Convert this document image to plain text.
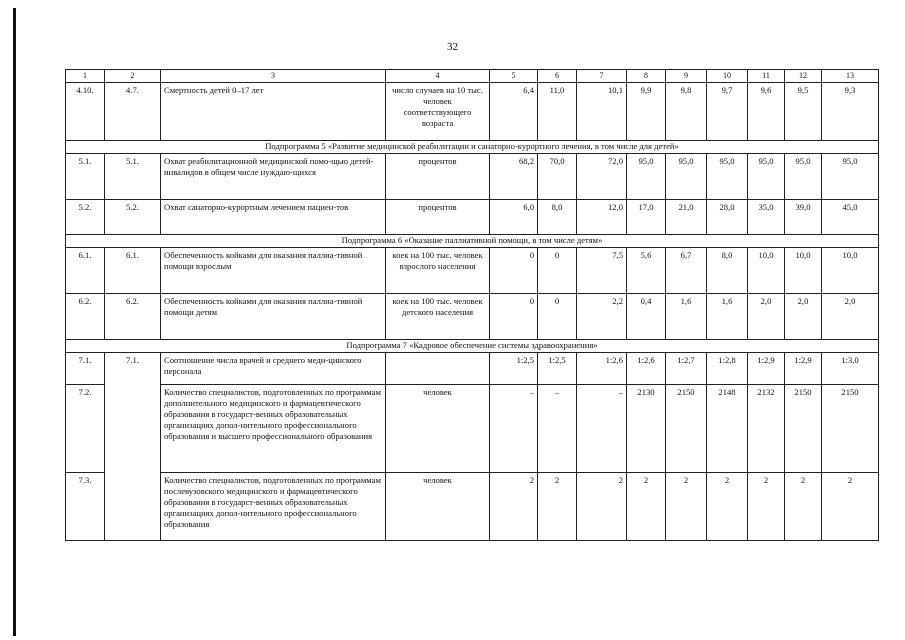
32
1	2	3	4	5	6	7	8	9	10	11	12	13
4.10.	4.7.	Смертность детей 0–17 лет	число случаев на 10 тыс. человек соответствующего возраста	6,4	11,0	10,1	9,9	9,8	9,7	9,6	9,5	9,3
Подпрограмма 5 «Развитие медицинской реабилитации и санаторно-курортного лечения, в том числе для детей»												
5.1.	5.1.	Охват реабилитационной медицинской помо-щью детей-инвалидов в общем числе нуждаю-щихся	процентов	68,2	70,0	72,0	95,0	95,0	95,0	95,0	95,0	95,0
5.2.	5.2.	Охват санаторно-курортным лечением пациен-тов	процентов	6,0	8,0	12,0	17,0	21,0	28,0	35,0	39,0	45,0
Подпрограмма 6 «Оказание паллиативной помощи, в том числе детям»												
6.1.	6.1.	Обеспеченность койками для оказания паллиа-тивной помощи взрослым	коек на 100 тыс. человек взрослого населения	0	0	7,5	5,6	6,7	8,0	10,0	10,0	10,0
6.2.	6.2.	Обеспеченность койками для оказания паллиа-тивной помощи детям	коек на 100 тыс. человек детского населения	0	0	2,2	0,4	1,6	1,6	2,0	2,0	2,0
Подпрограмма 7 «Кадровое обеспечение системы здравоохранения»												
7.1.	7.1.	Соотношение числа врачей и среднего меди-цинского персонала		1:2,5	1:2,5	1:2,6	1:2,6	1:2,7	1:2,8	1:2,9	1:2,9	1:3,0
7.2.		Количество специалистов, подготовленных по программам дополнительного медицинского и фармацевтического образования в государст-венных образовательных организациях допол-нительного профессионального образования и высшего профессионального образования	человек	–	–	–	2130	2150	2148	2132	2150	2150
7.3.		Количество специалистов, подготовленных по программам послевузовского медицинского и фармацевтического образования в государст-венных образовательных организациях допол-нительного профессионального образования	человек	2	2	2	2	2	2	2	2	2
